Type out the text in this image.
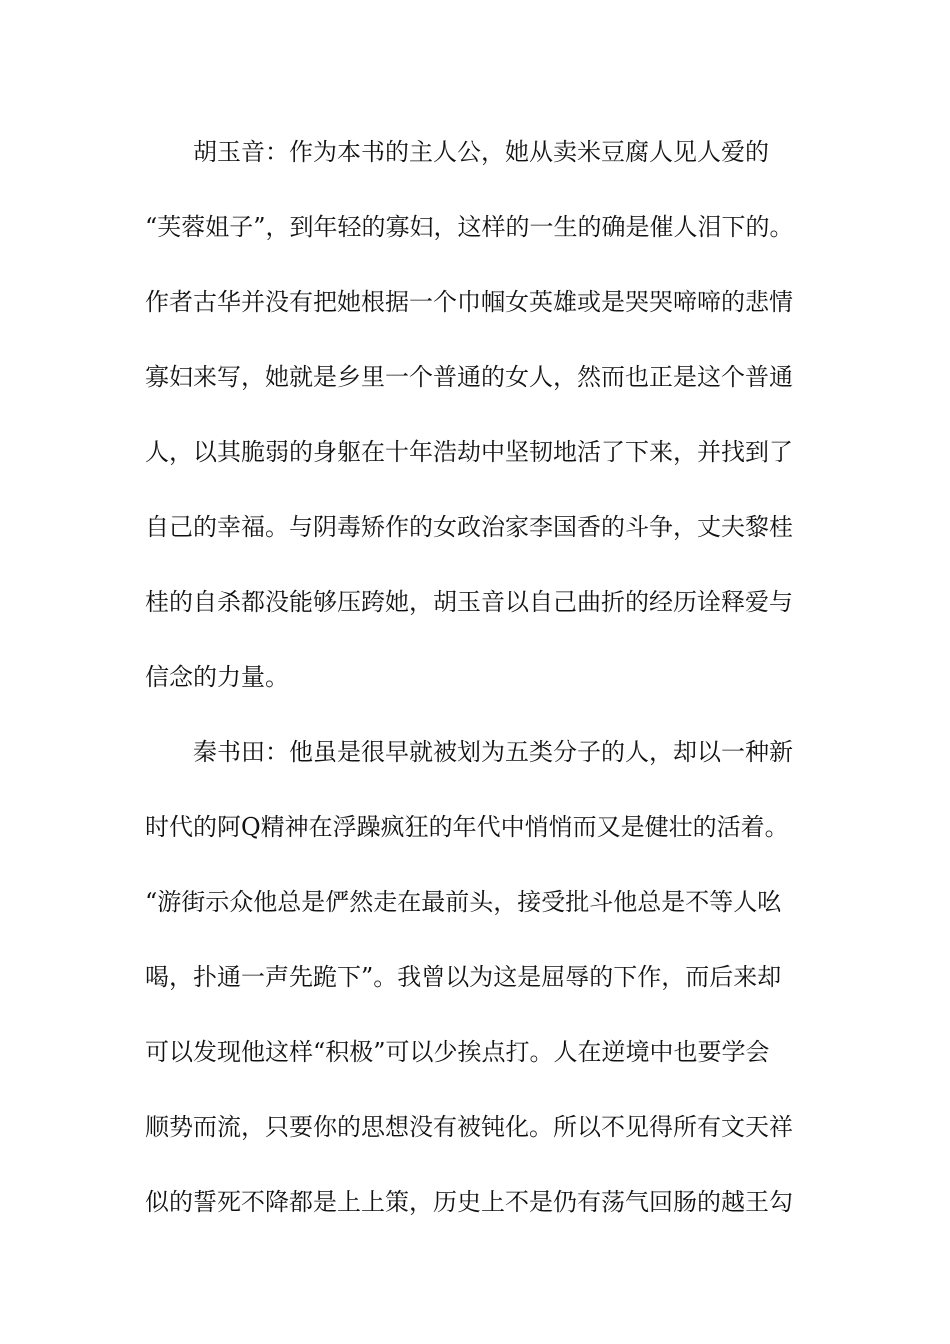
胡玉音：作为本书的主人公，她从卖米豆腐人见人爱的
“芙蓉姐子”，到年轻的寡妇，这样的一生的确是催人泪下的。
作者古华并没有把她根据一个巾帼女英雄或是哭哭啼啼的悲情
寡妇来写，她就是乡里一个普通的女人，然而也正是这个普通
人，以其脆弱的身躯在十年浩劫中坚韧地活了下来，并找到了
自己的幸福。与阴毒矫作的女政治家李国香的斗争，丈夫黎桂
桂的自杀都没能够压跨她，胡玉音以自己曲折的经历诠释爱与
信念的力量。
秦书田：他虽是很早就被划为五类分子的人，却以一种新
时代的阿Q精神在浮躁疯狂的年代中悄悄而又是健壮的活着。
“游街示众他总是俨然走在最前头，接受批斗他总是不等人吆
喝，扑通一声先跪下”。我曾以为这是屈辱的下作，而后来却
可以发现他这样“积极”可以少挨点打。人在逆境中也要学会
顺势而流，只要你的思想没有被钝化。所以不见得所有文天祥
似的誓死不降都是上上策，历史上不是仍有荡气回肠的越王勾
